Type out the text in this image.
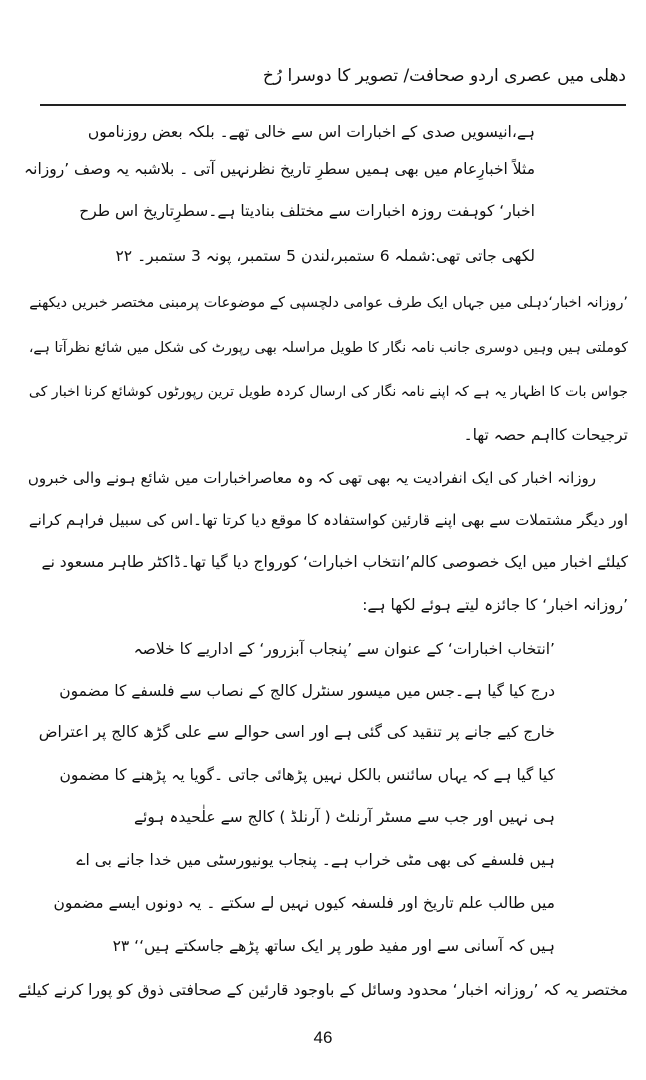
دھلی میں عصری اردو صحافت/ تصویر کا دوسرا رُخ
ہے،انیسویں صدی کے اخبارات اس سے خالی تھے۔ بلکہ بعض روزناموں
مثلاً اخبارِعام میں بھی ہمیں سطرِ تاریخ نظرنہیں آتی ۔ بلاشبہ یہ وصف ’روزانہ
اخبار‘ کوہفت روزہ اخبارات سے مختلف بنادیتا ہے۔سطرِتاریخ اس طرح
لکھی جاتی تھی:شملہ 6 ستمبر،لندن 5 ستمبر، پونہ 3 ستمبر۔ ۲۲
’روزانہ اخبار‘دہلی میں جہاں ایک طرف عوامی دلچسپی کے موضوعات پرمبنی مختصر خبریں دیکھنے
کوملتی ہیں وہیں دوسری جانب نامہ نگار کا طویل مراسلہ بھی رپورٹ کی شکل میں شائع نظرآتا ہے،
جواس بات کا اظہار یہ ہے کہ اپنے نامہ نگار کی ارسال کردہ طویل ترین رپورٹوں کوشائع کرنا اخبار کی
ترجیحات کااہم حصہ تھا۔
روزانہ اخبار کی ایک انفرادیت یہ بھی تھی کہ وہ معاصراخبارات میں شائع ہونے والی خبروں
اور دیگر مشتملات سے بھی اپنے قارئین کواستفادہ کا موقع دیا کرتا تھا۔اس کی سبیل فراہم کرانے
کیلئے اخبار میں ایک خصوصی کالم’انتخاب اخبارات‘ کورواج دیا گیا تھا۔ڈاکٹر طاہر مسعود نے
’روزانہ اخبار‘ کا جائزہ لیتے ہوئے لکھا ہے:
’انتخاب اخبارات‘ کے عنوان سے ’پنجاب آبزرور‘ کے اداریے کا خلاصہ
درج کیا گیا ہے۔جس میں میسور سنٹرل کالج کے نصاب سے فلسفے کا مضمون
خارج کیے جانے پر تنقید کی گئی ہے اور اسی حوالے سے علی گڑھ کالج پر اعتراض
کیا گیا ہے کہ یہاں سائنس بالکل نہیں پڑھائی جاتی ۔گویا یہ پڑھنے کا مضمون
ہی نہیں اور جب سے مسٹر آرنلٹ ( آرنلڈ ) کالج سے علٰحیدہ ہوئے
ہیں فلسفے کی بھی مٹی خراب ہے۔ پنجاب یونیورسٹی میں خدا جانے بی اے
میں طالب علم تاریخ اور فلسفہ کیوں نہیں لے سکتے ۔ یہ دونوں ایسے مضمون
ہیں کہ آسانی سے اور مفید طور پر ایک ساتھ پڑھے جاسکتے ہیں‘‘ ۲۳
مختصر یہ کہ ’روزانہ اخبار‘ محدود وسائل کے باوجود قارئین کے صحافتی ذوق کو پورا کرنے کیلئے
46
